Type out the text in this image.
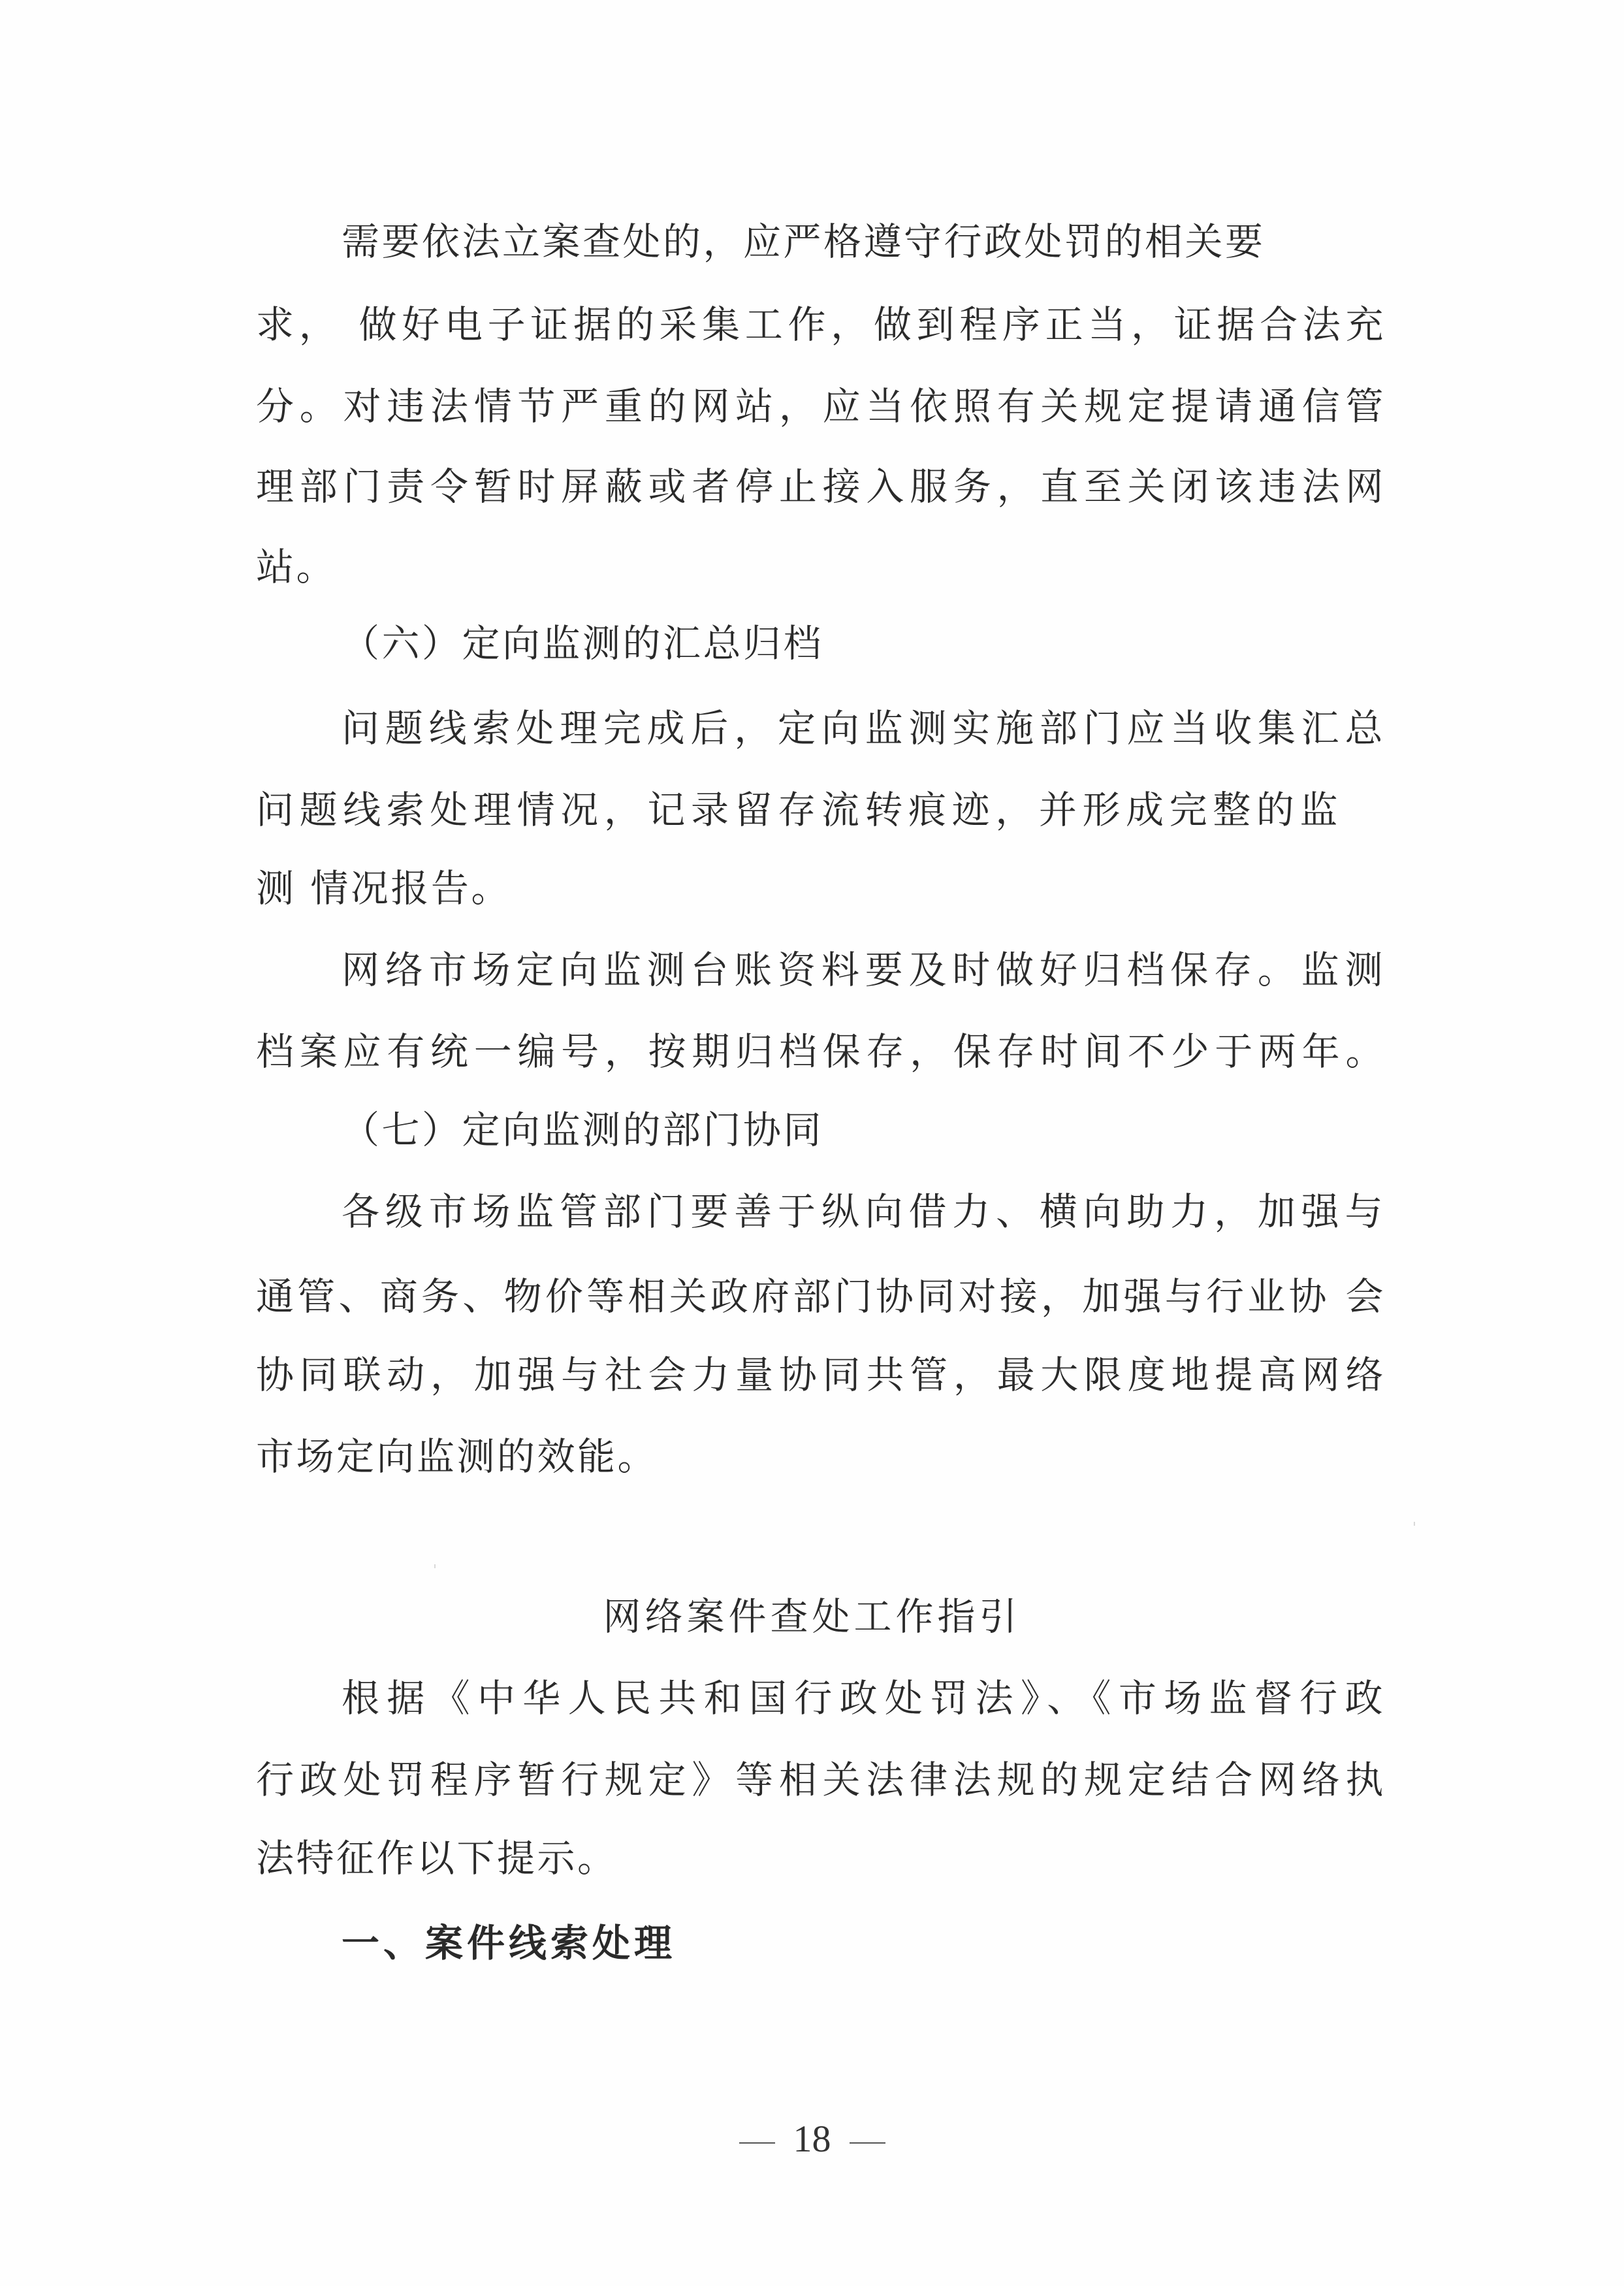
需要依法立案查处的，应严格遵守行政处罚的相关要
求， 做好电子证据的采集工作，做到程序正当，证据合法充
分。对违法情节严重的网站，应当依照有关规定提请通信管
理部门责令暂时屏蔽或者停止接入服务，直至关闭该违法网
站。
（六）定向监测的汇总归档
问题线索处理完成后，定向监测实施部门应当收集汇总
问题线索处理情况，记录留存流转痕迹，并形成完整的监
测 情况报告。
网络市场定向监测台账资料要及时做好归档保存。监测
档案应有统一编号，按期归档保存，保存时间不少于两年。
（七）定向监测的部门协同
各级市场监管部门要善于纵向借力、横向助力，加强与
通管、商务、物价等相关政府部门协同对接，加强与行业协 会
协同联动，加强与社会力量协同共管，最大限度地提高网络
市场定向监测的效能。
网络案件查处工作指引
根据《中华人民共和国行政处罚法》、《市场监督行政
行政处罚程序暂行规定》等相关法律法规的规定结合网络执
法特征作以下提示。
一、案件线索处理
18
